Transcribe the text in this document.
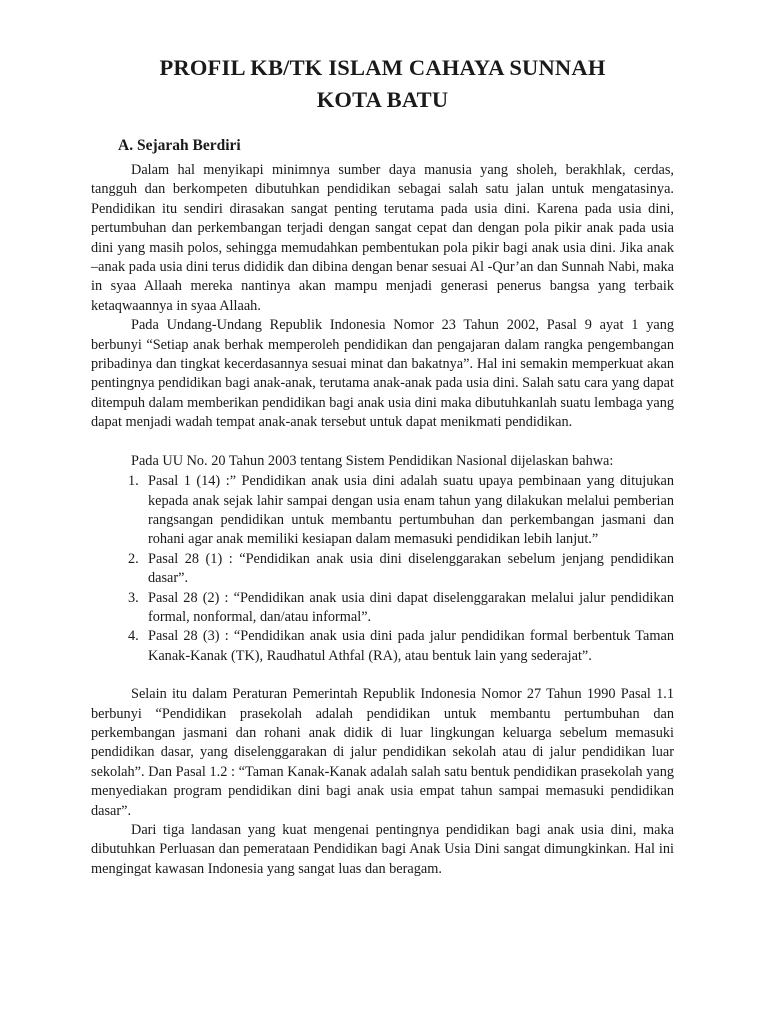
PROFIL KB/TK ISLAM CAHAYA SUNNAH
KOTA BATU
A. Sejarah Berdiri

Dalam hal menyikapi minimnya sumber daya manusia yang sholeh, berakhlak, cerdas, tangguh dan berkompeten dibutuhkan pendidikan sebagai salah satu jalan untuk mengatasinya. Pendidikan itu sendiri dirasakan sangat penting terutama pada usia dini. Karena pada usia dini, pertumbuhan dan perkembangan terjadi dengan sangat cepat dan dengan pola pikir anak pada usia dini yang masih polos, sehingga memudahkan pembentukan pola pikir bagi anak usia dini. Jika anak –anak pada usia dini terus dididik dan dibina dengan benar sesuai Al -Qur’an dan Sunnah Nabi, maka in syaa Allaah mereka nantinya akan mampu menjadi generasi penerus bangsa yang terbaik ketaqwaannya in syaa Allaah.

Pada Undang-Undang Republik Indonesia Nomor 23 Tahun 2002, Pasal 9 ayat 1 yang berbunyi “Setiap anak berhak memperoleh pendidikan dan pengajaran dalam rangka pengembangan pribadinya dan tingkat kecerdasannya sesuai minat dan bakatnya”. Hal ini semakin memperkuat akan pentingnya pendidikan bagi anak-anak, terutama anak-anak pada usia dini. Salah satu cara yang dapat ditempuh dalam memberikan pendidikan bagi anak usia dini maka dibutuhkanlah suatu lembaga yang dapat menjadi wadah tempat anak-anak tersebut untuk dapat menikmati pendidikan.

Pada UU No. 20 Tahun 2003 tentang Sistem Pendidikan Nasional dijelaskan bahwa:

1. Pasal 1 (14) :” Pendidikan anak usia dini adalah suatu upaya pembinaan yang ditujukan kepada anak sejak lahir sampai dengan usia enam tahun yang dilakukan melalui pemberian rangsangan pendidikan untuk membantu pertumbuhan dan perkembangan jasmani dan rohani agar anak memiliki kesiapan dalam memasuki pendidikan lebih lanjut.”
2. Pasal 28 (1) : “Pendidikan anak usia dini diselenggarakan sebelum jenjang pendidikan dasar”.
3. Pasal 28 (2) : “Pendidikan anak usia dini dapat diselenggarakan melalui jalur pendidikan formal, nonformal, dan/atau informal”.
4. Pasal 28 (3) : “Pendidikan anak usia dini pada jalur pendidikan formal berbentuk Taman Kanak-Kanak (TK), Raudhatul Athfal (RA), atau bentuk lain yang sederajat”.

Selain itu dalam Peraturan Pemerintah Republik Indonesia Nomor 27 Tahun 1990 Pasal 1.1 berbunyi “Pendidikan prasekolah adalah pendidikan untuk membantu pertumbuhan dan perkembangan jasmani dan rohani anak didik di luar lingkungan keluarga sebelum memasuki pendidikan dasar, yang diselenggarakan di jalur pendidikan sekolah atau di jalur pendidikan luar sekolah”. Dan Pasal 1.2 : “Taman Kanak-Kanak adalah salah satu bentuk pendidikan prasekolah yang menyediakan program pendidikan dini bagi anak usia empat tahun sampai memasuki pendidikan dasar”.

Dari tiga landasan yang kuat mengenai pentingnya pendidikan bagi anak usia dini, maka dibutuhkan Perluasan dan pemerataan Pendidikan bagi Anak Usia Dini sangat dimungkinkan. Hal ini mengingat kawasan Indonesia yang sangat luas dan beragam.
